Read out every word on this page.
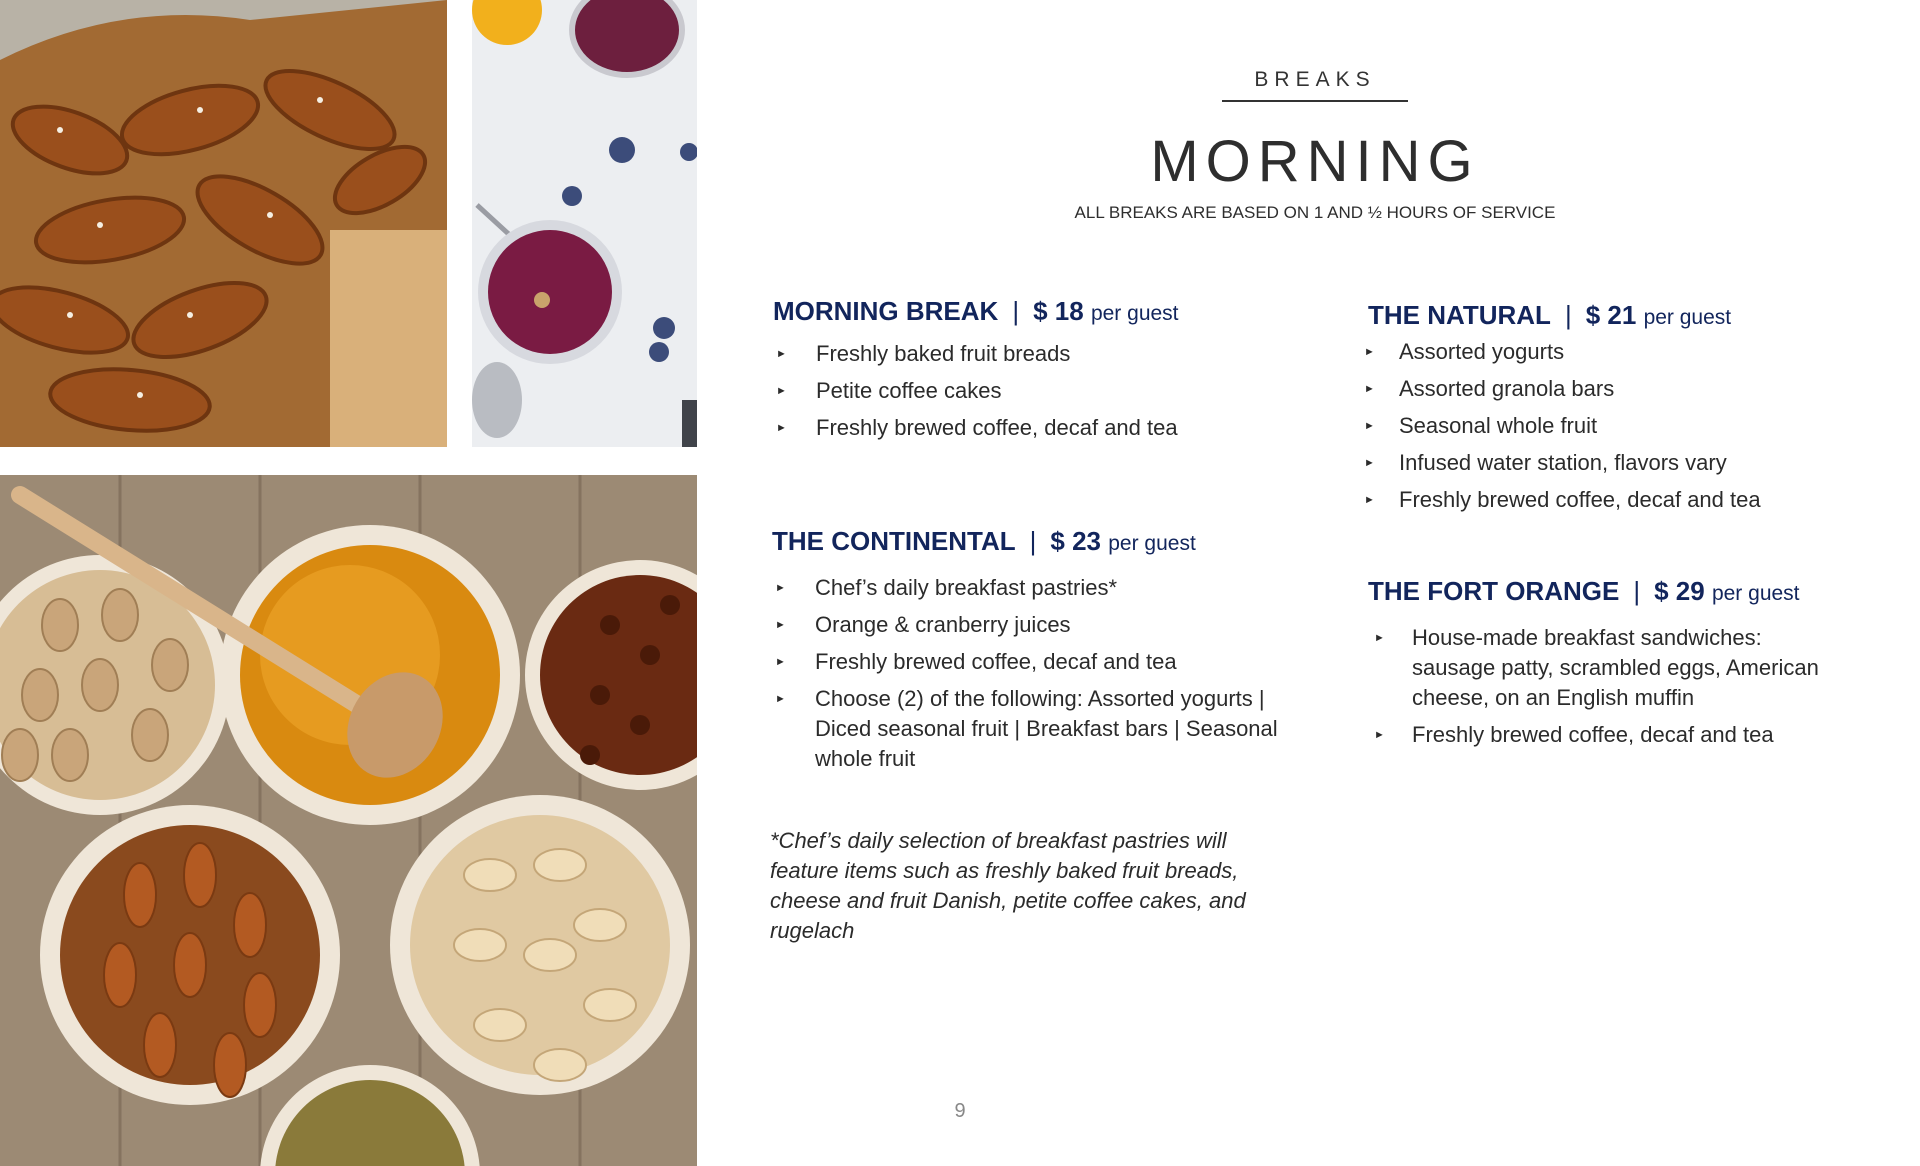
BREAKS
MORNING
ALL BREAKS ARE BASED ON 1 AND ½ HOURS OF SERVICE
MORNING BREAK | $ 18 per guest
► Freshly baked fruit breads
► Petite coffee cakes
► Freshly brewed coffee, decaf and tea
THE CONTINENTAL | $ 23 per guest
► Chef’s daily breakfast pastries*
► Orange & cranberry juices
► Freshly brewed coffee, decaf and tea
► Choose (2) of the following: Assorted yogurts | Diced seasonal fruit | Breakfast bars | Seasonal whole fruit
THE NATURAL | $ 21 per guest
► Assorted yogurts
► Assorted granola bars
► Seasonal whole fruit
► Infused water station, flavors vary
► Freshly brewed coffee, decaf and tea
THE FORT ORANGE | $ 29 per guest
► House-made breakfast sandwiches: sausage patty, scrambled eggs, American cheese, on an English muffin
► Freshly brewed coffee, decaf and tea
*Chef’s daily selection of breakfast pastries will feature items such as freshly baked fruit breads, cheese and fruit Danish, petite coffee cakes, and rugelach
9
